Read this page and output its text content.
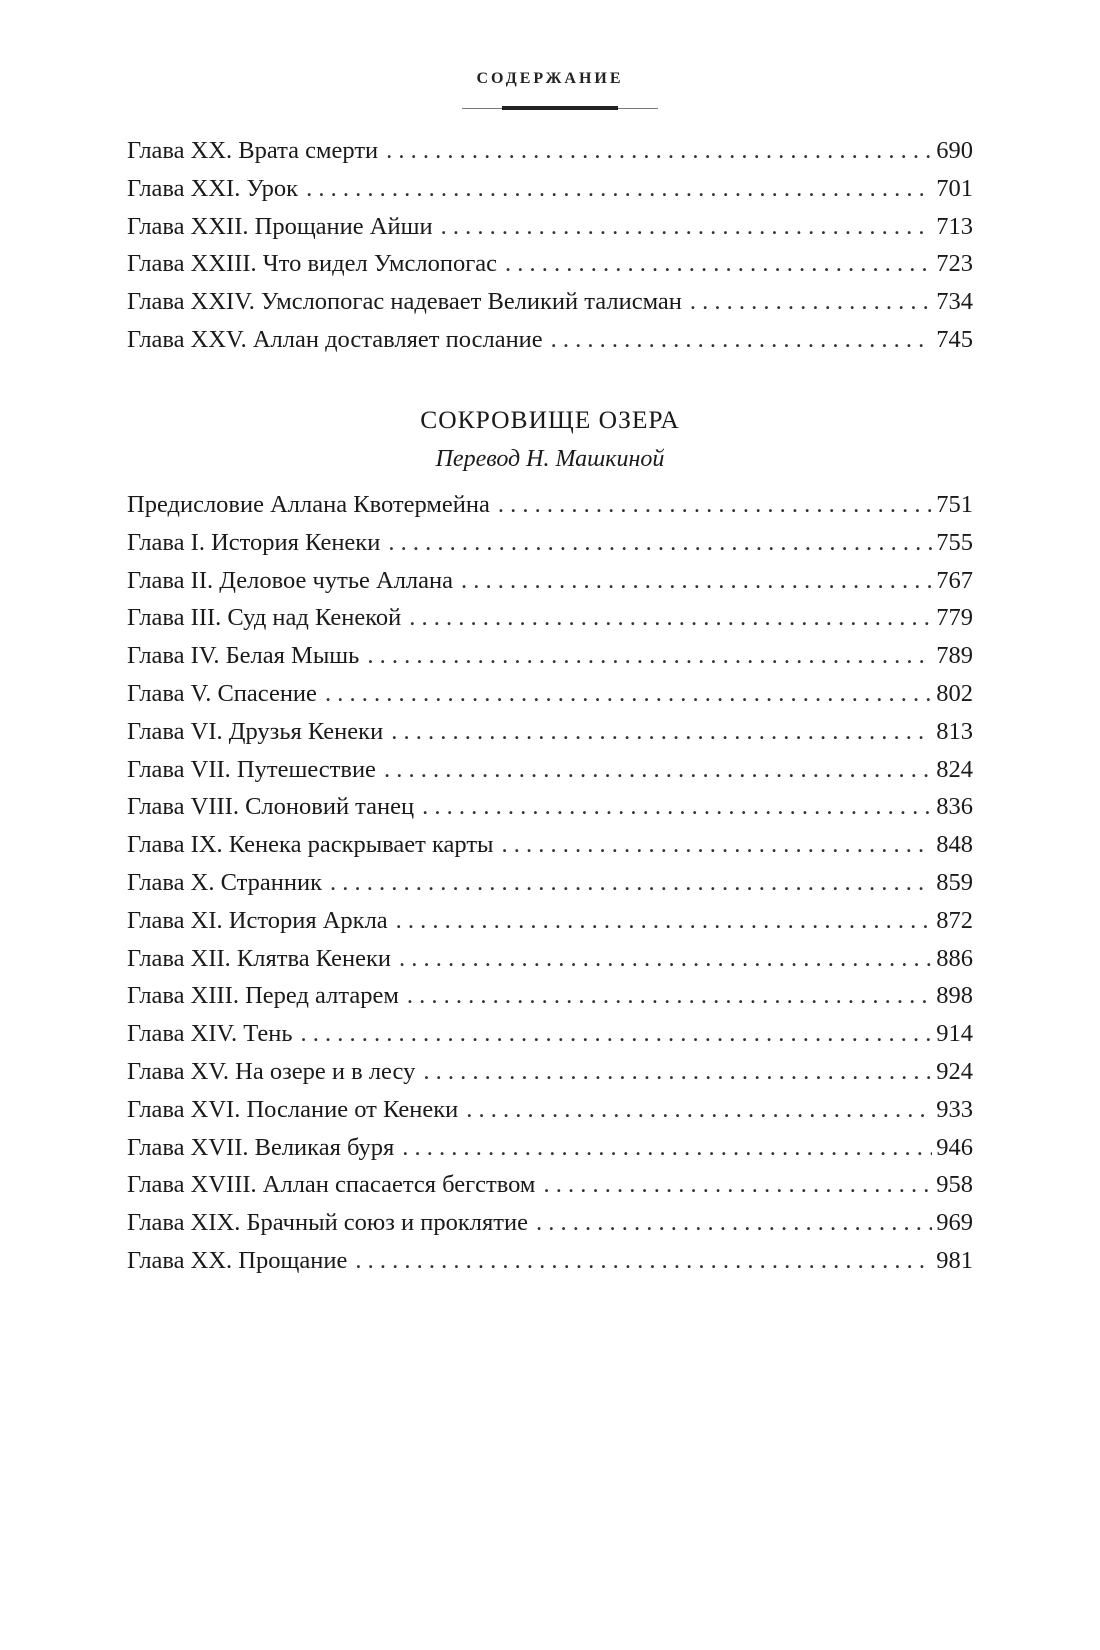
СОДЕРЖАНИЕ
Глава XX. Врата смерти . . .	690
Глава XXI. Урок . . .	701
Глава XXII. Прощание Айши . . .	713
Глава XXIII. Что видел Умслопогас . . .	723
Глава XXIV. Умслопогас надевает Великий талисман . . .	734
Глава XXV. Аллан доставляет послание . . .	745
СОКРОВИЩЕ ОЗЕРА
Перевод Н. Машкиной
Предисловие Аллана Квотермейна . . .	751
Глава I. История Кенеки . . .	755
Глава II. Деловое чутье Аллана . . .	767
Глава III. Суд над Кенекой . . .	779
Глава IV. Белая Мышь . . .	789
Глава V. Спасение . . .	802
Глава VI. Друзья Кенеки . . .	813
Глава VII. Путешествие . . .	824
Глава VIII. Слоновий танец . . .	836
Глава IX. Кенека раскрывает карты . . .	848
Глава X. Странник . . .	859
Глава XI. История Аркла . . .	872
Глава XII. Клятва Кенеки . . .	886
Глава XIII. Перед алтарем . . .	898
Глава XIV. Тень . . .	914
Глава XV. На озере и в лесу . . .	924
Глава XVI. Послание от Кенеки . . .	933
Глава XVII. Великая буря . . .	946
Глава XVIII. Аллан спасается бегством . . .	958
Глава XIX. Брачный союз и проклятие . . .	969
Глава XX. Прощание . . .	981
